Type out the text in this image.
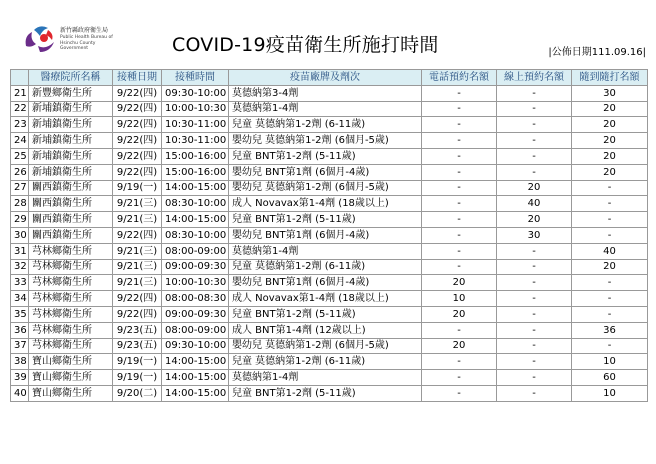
新竹縣政府衛生局
Public Health Bureau of
Hsinchu County Government	COVID-19疫苗衛生所施打時間	|公佈日期111.09.16|
	醫療院所名稱	接種日期	接種時間	疫苗廠牌及劑次	電話預約名額	線上預約名額	隨到隨打名額
21	新豐鄉衛生所	9/22(四)	09:30-10:00	莫德納第3-4劑	-	-	30
22	新埔鎮衛生所	9/22(四)	10:00-10:30	莫德納第1-4劑	-	-	20
23	新埔鎮衛生所	9/22(四)	10:30-11:00	兒童 莫德納第1-2劑 (6-11歲)	-	-	20
24	新埔鎮衛生所	9/22(四)	10:30-11:00	嬰幼兒 莫德納第1-2劑 (6個月-5歲)	-	-	20
25	新埔鎮衛生所	9/22(四)	15:00-16:00	兒童 BNT第1-2劑 (5-11歲)	-	-	20
26	新埔鎮衛生所	9/22(四)	15:00-16:00	嬰幼兒 BNT第1劑 (6個月-4歲)	-	-	20
27	關西鎮衛生所	9/19(一)	14:00-15:00	嬰幼兒 莫德納第1-2劑 (6個月-5歲)	-	20	-
28	關西鎮衛生所	9/21(三)	08:30-10:00	成人 Novavax第1-4劑 (18歲以上)	-	40	-
29	關西鎮衛生所	9/21(三)	14:00-15:00	兒童 BNT第1-2劑 (5-11歲)	-	20	-
30	關西鎮衛生所	9/22(四)	08:30-10:00	嬰幼兒 BNT第1劑 (6個月-4歲)	-	30	-
31	芎林鄉衛生所	9/21(三)	08:00-09:00	莫德納第1-4劑	-	-	40
32	芎林鄉衛生所	9/21(三)	09:00-09:30	兒童 莫德納第1-2劑 (6-11歲)	-	-	20
33	芎林鄉衛生所	9/21(三)	10:00-10:30	嬰幼兒 BNT第1劑 (6個月-4歲)	20	-	-
34	芎林鄉衛生所	9/22(四)	08:00-08:30	成人 Novavax第1-4劑 (18歲以上)	10	-	-
35	芎林鄉衛生所	9/22(四)	09:00-09:30	兒童 BNT第1-2劑 (5-11歲)	20	-	-
36	芎林鄉衛生所	9/23(五)	08:00-09:00	成人 BNT第1-4劑 (12歲以上)	-	-	36
37	芎林鄉衛生所	9/23(五)	09:30-10:00	嬰幼兒 莫德納第1-2劑 (6個月-5歲)	20	-	-
38	寶山鄉衛生所	9/19(一)	14:00-15:00	兒童 莫德納第1-2劑 (6-11歲)	-	-	10
39	寶山鄉衛生所	9/19(一)	14:00-15:00	莫德納第1-4劑	-	-	60
40	寶山鄉衛生所	9/20(二)	14:00-15:00	兒童 BNT第1-2劑 (5-11歲)	-	-	10
